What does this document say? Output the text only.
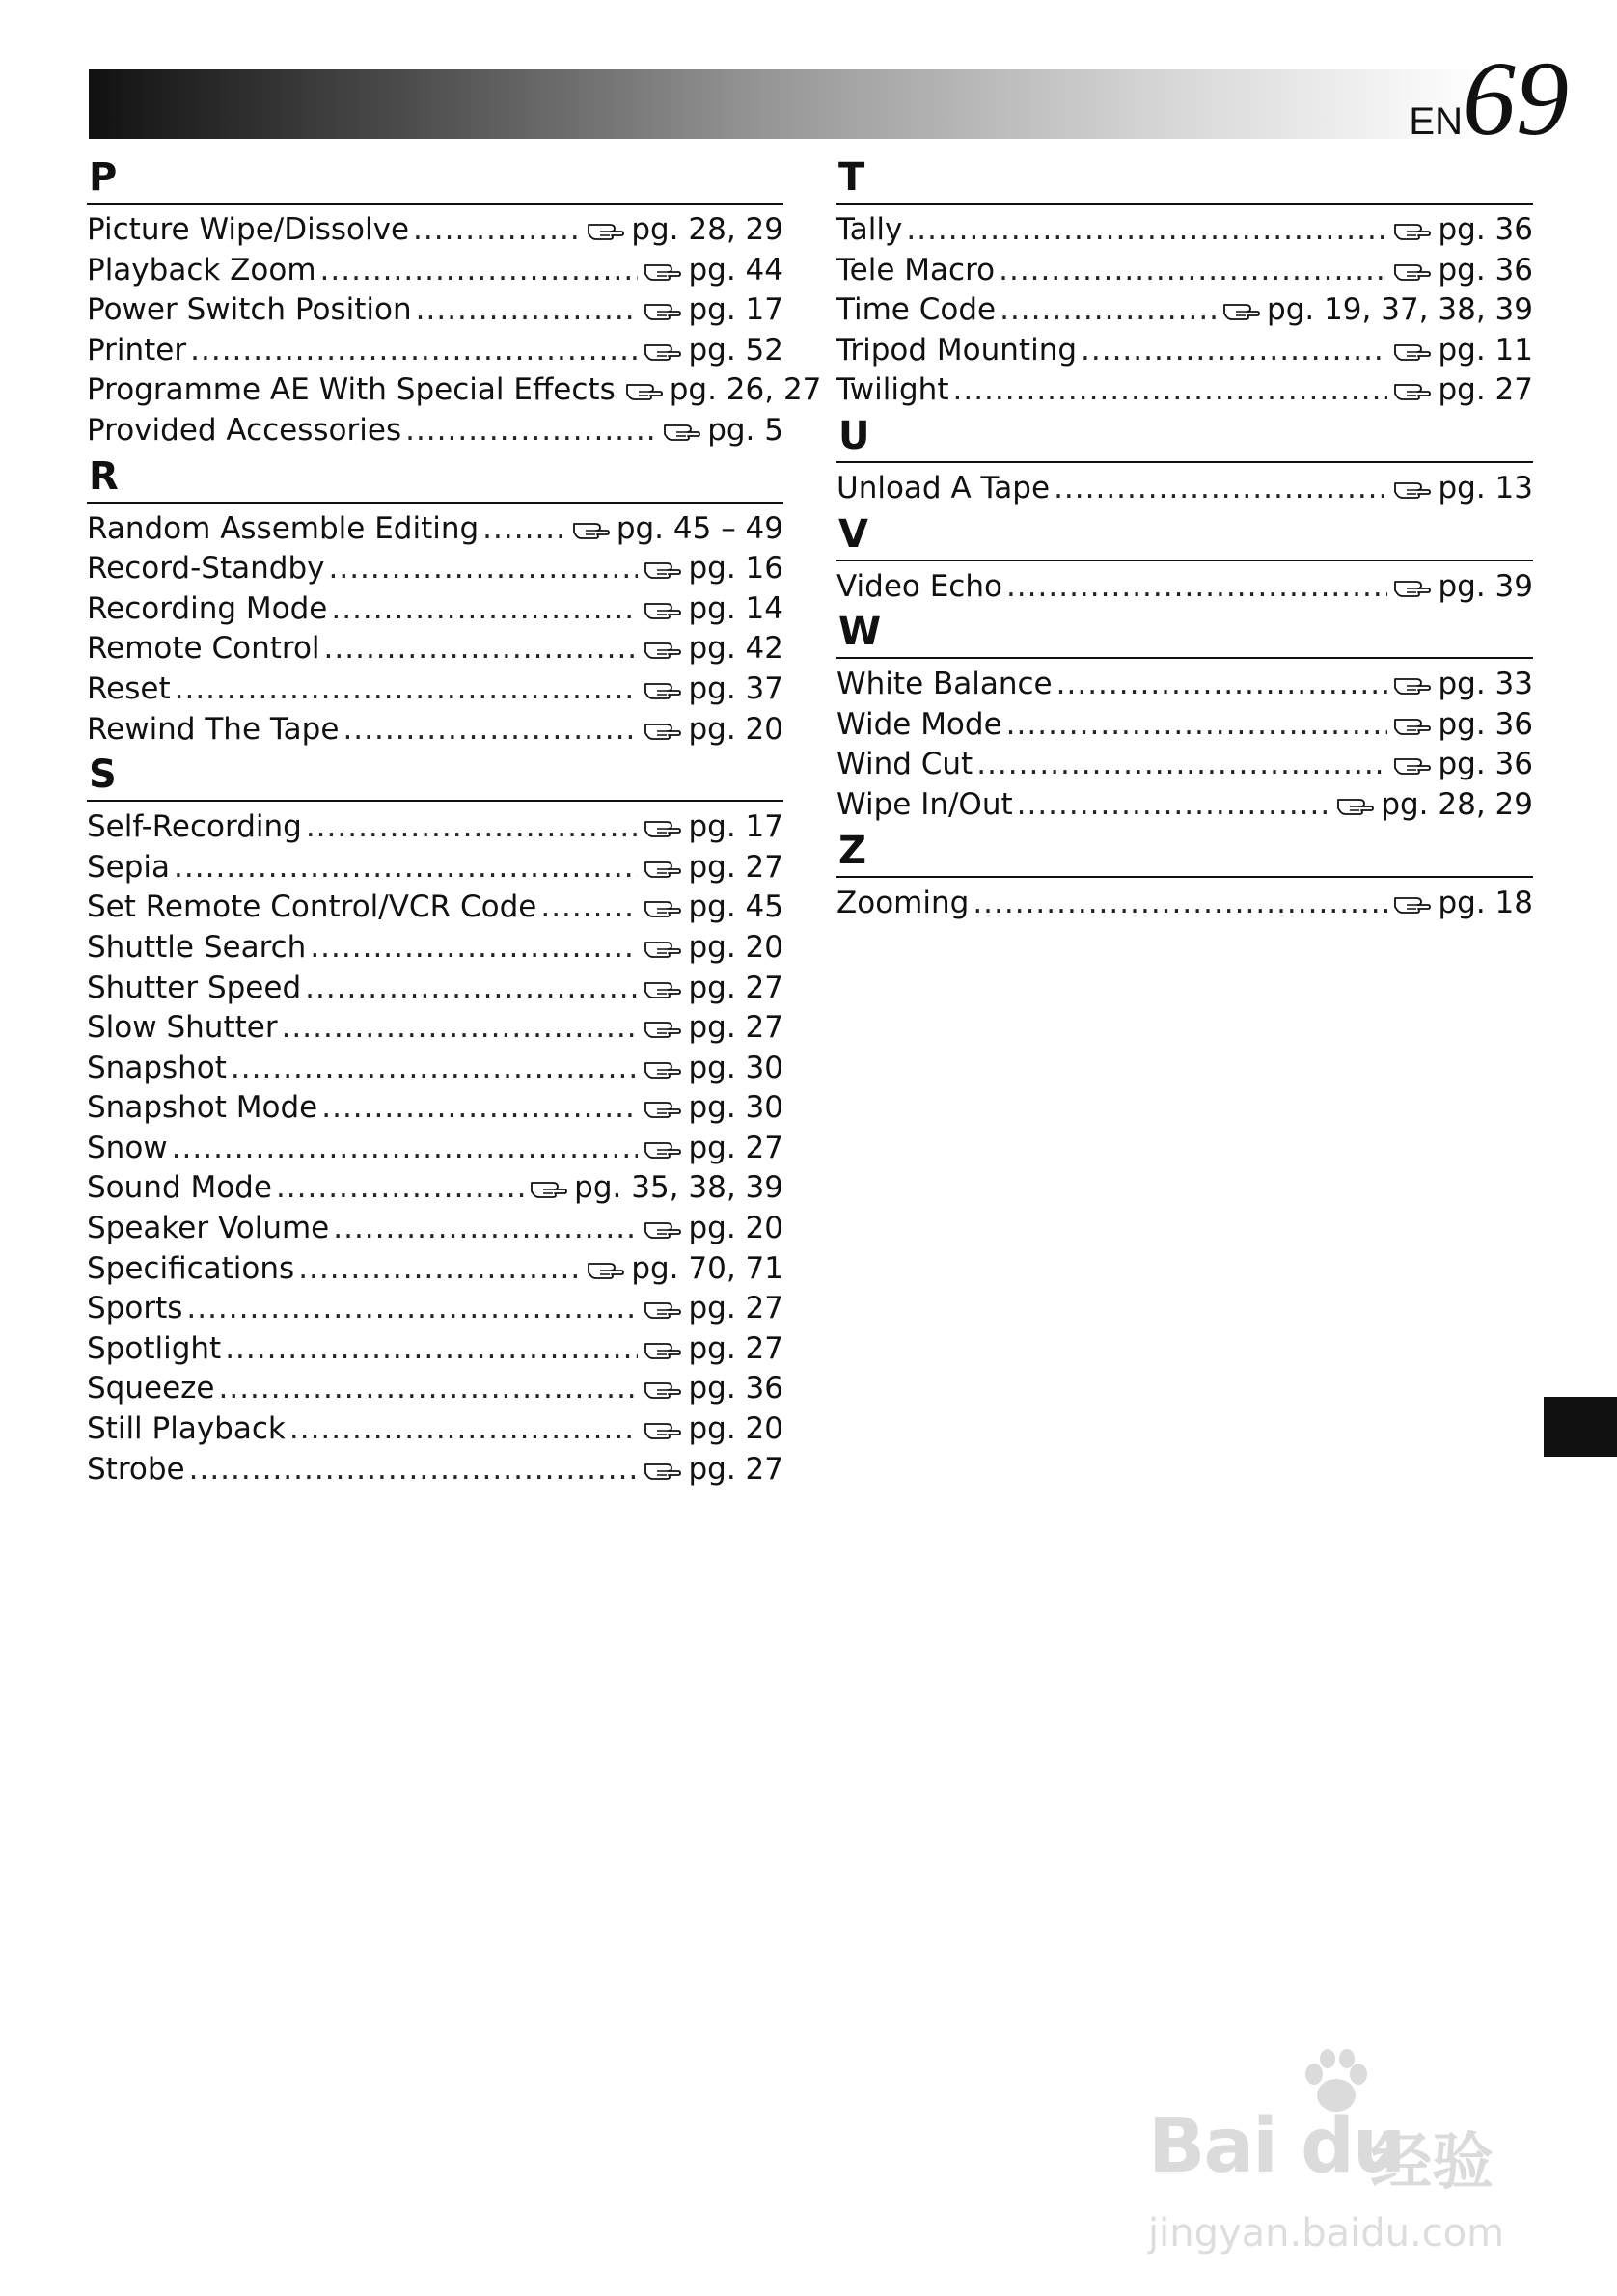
EN69
P
Picture Wipe/Dissolve .....	pg. 28, 29
Playback Zoom .....	pg. 44
Power Switch Position .....	pg. 17
Printer .....	pg. 52
Programme AE With Special Effects pg. 26, 27
Provided Accessories .....	pg. 5
R
Random Assemble Editing .....	pg. 45 – 49
Record-Standby .....	pg. 16
Recording Mode .....	pg. 14
Remote Control .....	pg. 42
Reset .....	pg. 37
Rewind The Tape .....	pg. 20
S
Self-Recording .....	pg. 17
Sepia .....	pg. 27
Set Remote Control/VCR Code .....	pg. 45
Shuttle Search .....	pg. 20
Shutter Speed .....	pg. 27
Slow Shutter .....	pg. 27
Snapshot .....	pg. 30
Snapshot Mode .....	pg. 30
Snow .....	pg. 27
Sound Mode .....	pg. 35, 38, 39
Speaker Volume .....	pg. 20
Specifications .....	pg. 70, 71
Sports .....	pg. 27
Spotlight .....	pg. 27
Squeeze .....	pg. 36
Still Playback .....	pg. 20
Strobe .....	pg. 27
T
Tally .....	pg. 36
Tele Macro .....	pg. 36
Time Code .....	pg. 19, 37, 38, 39
Tripod Mounting .....	pg. 11
Twilight .....	pg. 27
U
Unload A Tape .....	pg. 13
V
Video Echo .....	pg. 39
W
White Balance .....	pg. 33
Wide Mode .....	pg. 36
Wind Cut .....	pg. 36
Wipe In/Out .....	pg. 28, 29
Z
Zooming .....	pg. 18
Bai du
经验
jingyan.baidu.com
